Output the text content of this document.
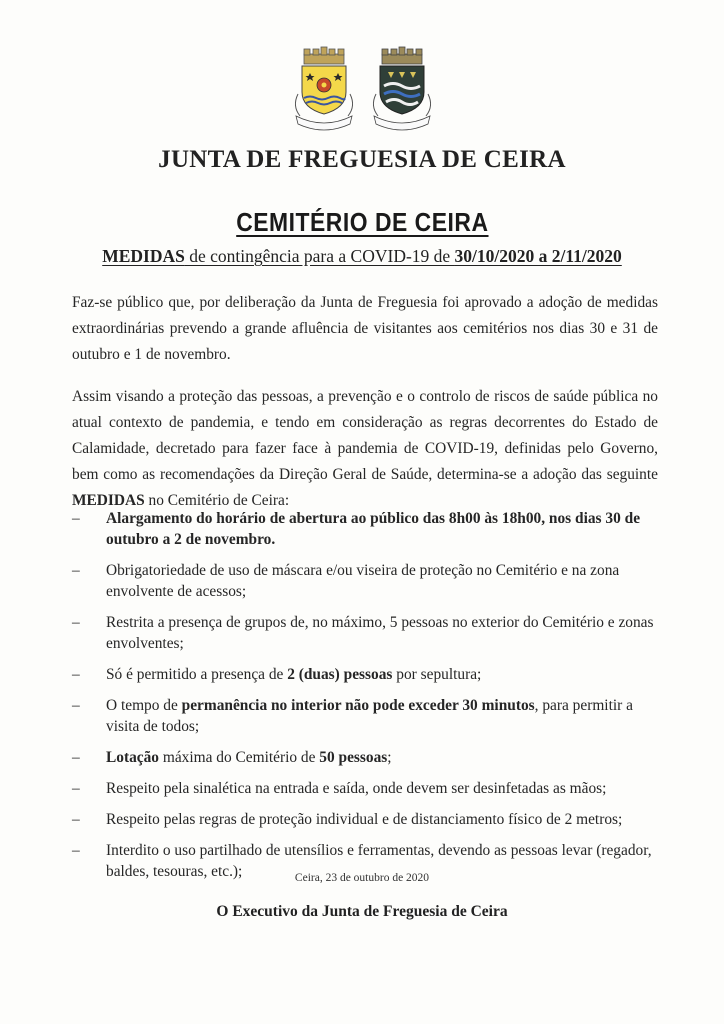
JUNTA DE FREGUESIA DE CEIRA
CEMITÉRIO DE CEIRA
MEDIDAS de contingência para a COVID-19 de 30/10/2020 a 2/11/2020
Faz-se público que, por deliberação da Junta de Freguesia foi aprovado a adoção de medidas extraordinárias prevendo a grande afluência de visitantes aos cemitérios nos dias 30 e 31 de outubro e 1 de novembro.
Assim visando a proteção das pessoas, a prevenção e o controlo de riscos de saúde pública no atual contexto de pandemia, e tendo em consideração as regras decorrentes do Estado de Calamidade, decretado para fazer face à pandemia de COVID-19, definidas pelo Governo, bem como as recomendações da Direção Geral de Saúde, determina-se a adoção das seguinte MEDIDAS no Cemitério de Ceira:
–	Alargamento do horário de abertura ao público das 8h00 às 18h00, nos dias 30 de outubro a 2 de novembro.
–	Obrigatoriedade de uso de máscara e/ou viseira de proteção no Cemitério e na zona envolvente de acessos;
–	Restrita a presença de grupos de, no máximo, 5 pessoas no exterior do Cemitério e zonas envolventes;
–	Só é permitido a presença de 2 (duas) pessoas por sepultura;
–	O tempo de permanência no interior não pode exceder 30 minutos, para permitir a visita de todos;
–	Lotação máxima do Cemitério de 50 pessoas;
–	Respeito pela sinalética na entrada e saída, onde devem ser desinfetadas as mãos;
–	Respeito pelas regras de proteção individual e de distanciamento físico de 2 metros;
–	Interdito o uso partilhado de utensílios e ferramentas, devendo as pessoas levar (regador, baldes, tesouras, etc.);	Ceira, 23 de outubro de 2020
O Executivo da Junta de Freguesia de Ceira
